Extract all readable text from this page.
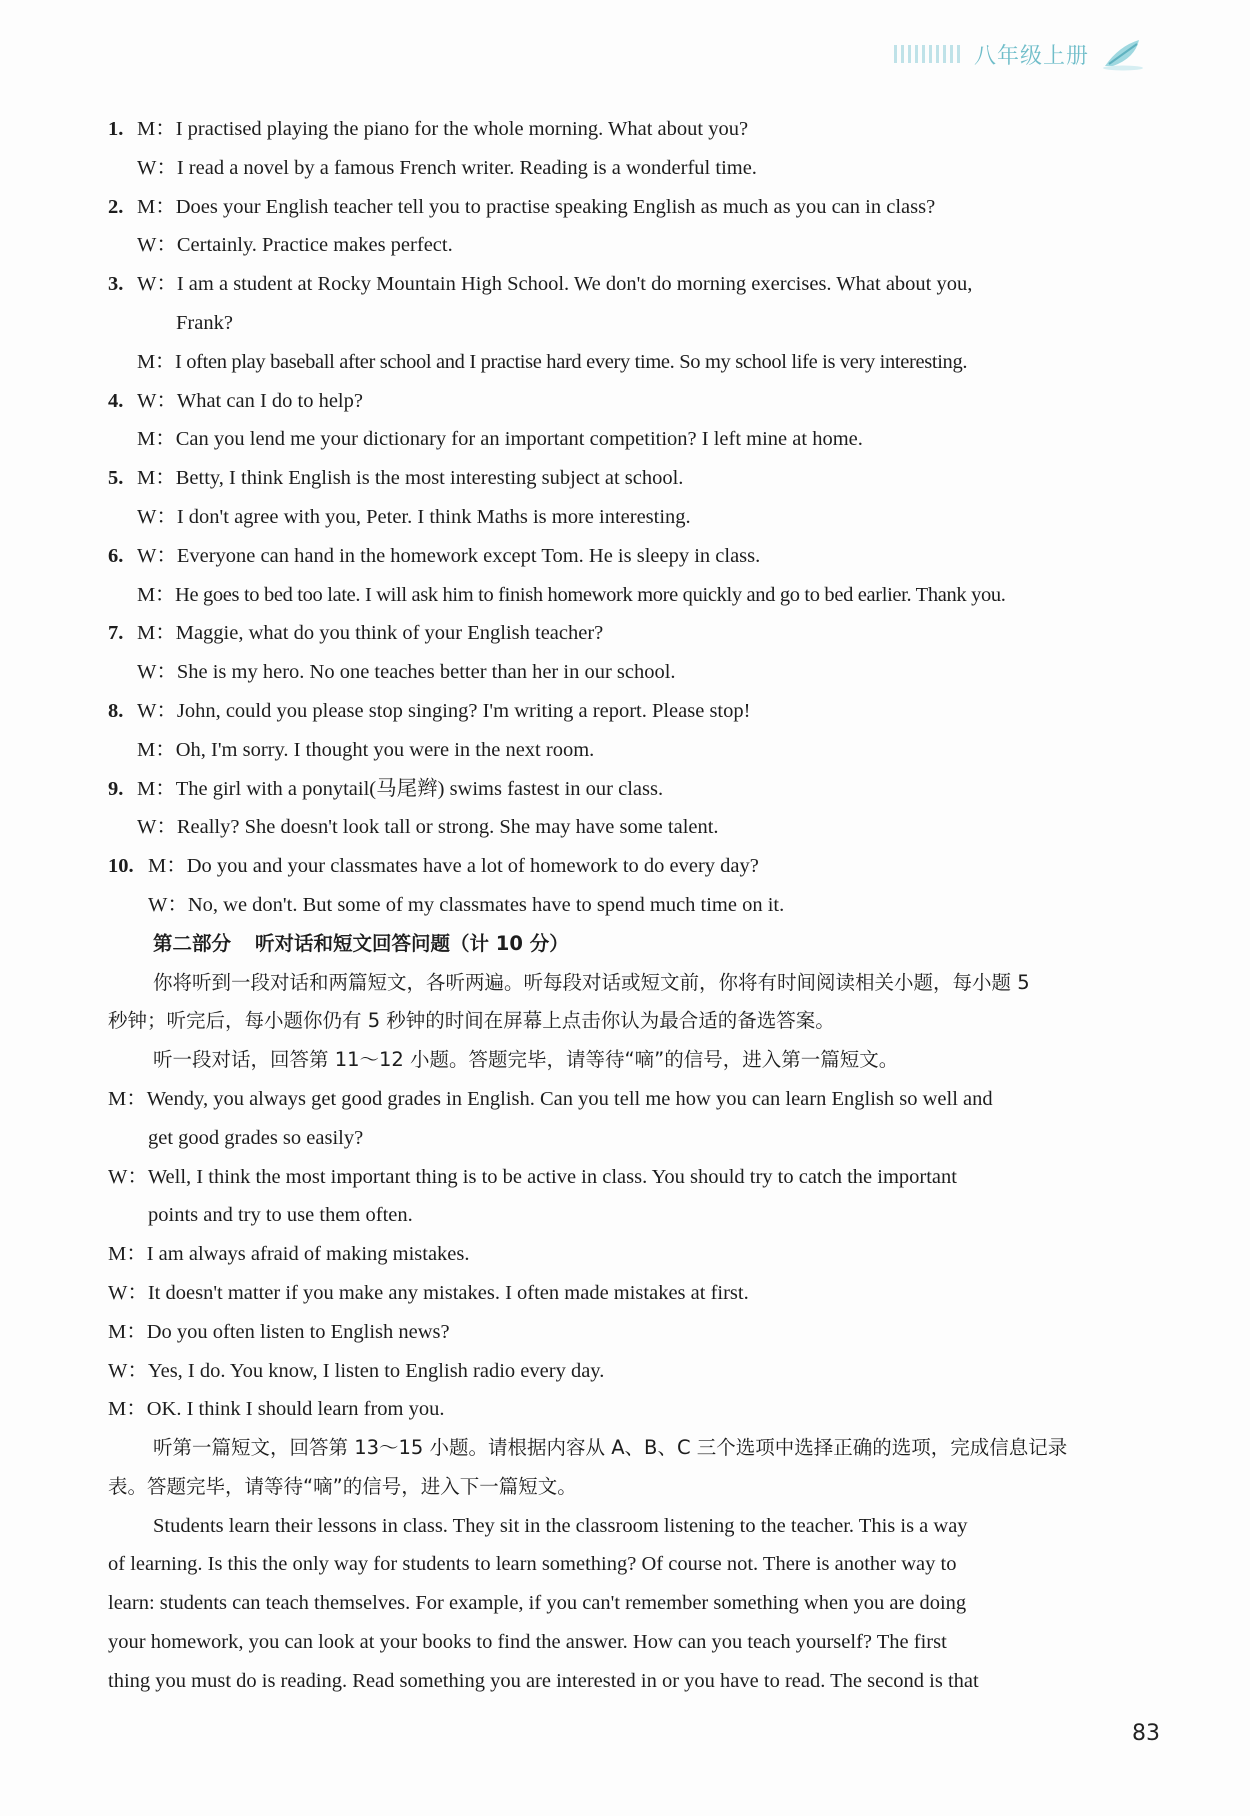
八年级上册
1. M：I practised playing the piano for the whole morning. What about you?
W：I read a novel by a famous French writer. Reading is a wonderful time.
2. M：Does your English teacher tell you to practise speaking English as much as you can in class?
W：Certainly. Practice makes perfect.
3. W：I am a student at Rocky Mountain High School. We don't do morning exercises. What about you,
Frank?
M：I often play baseball after school and I practise hard every time. So my school life is very interesting.
4. W：What can I do to help?
M：Can you lend me your dictionary for an important competition? I left mine at home.
5. M：Betty, I think English is the most interesting subject at school.
W：I don't agree with you, Peter. I think Maths is more interesting.
6. W：Everyone can hand in the homework except Tom. He is sleepy in class.
M：He goes to bed too late. I will ask him to finish homework more quickly and go to bed earlier. Thank you.
7. M：Maggie, what do you think of your English teacher?
W：She is my hero. No one teaches better than her in our school.
8. W：John, could you please stop singing? I'm writing a report. Please stop!
M：Oh, I'm sorry. I thought you were in the next room.
9. M：The girl with a ponytail(马尾辫) swims fastest in our class.
W：Really? She doesn't look tall or strong. She may have some talent.
10. M：Do you and your classmates have a lot of homework to do every day?
W：No, we don't. But some of my classmates have to spend much time on it.
第二部分 听对话和短文回答问题（计 10 分）
你将听到一段对话和两篇短文，各听两遍。听每段对话或短文前，你将有时间阅读相关小题，每小题 5
秒钟；听完后，每小题你仍有 5 秒钟的时间在屏幕上点击你认为最合适的备选答案。
听一段对话，回答第 11～12 小题。答题完毕，请等待“嘀”的信号，进入第一篇短文。
M：Wendy, you always get good grades in English. Can you tell me how you can learn English so well and
get good grades so easily?
W：Well, I think the most important thing is to be active in class. You should try to catch the important
points and try to use them often.
M：I am always afraid of making mistakes.
W：It doesn't matter if you make any mistakes. I often made mistakes at first.
M：Do you often listen to English news?
W：Yes, I do. You know, I listen to English radio every day.
M：OK. I think I should learn from you.
听第一篇短文，回答第 13～15 小题。请根据内容从 A、B、C 三个选项中选择正确的选项，完成信息记录
表。答题完毕，请等待“嘀”的信号，进入下一篇短文。
Students learn their lessons in class. They sit in the classroom listening to the teacher. This is a way
of learning. Is this the only way for students to learn something? Of course not. There is another way to
learn: students can teach themselves. For example, if you can't remember something when you are doing
your homework, you can look at your books to find the answer. How can you teach yourself? The first
thing you must do is reading. Read something you are interested in or you have to read. The second is that
83
